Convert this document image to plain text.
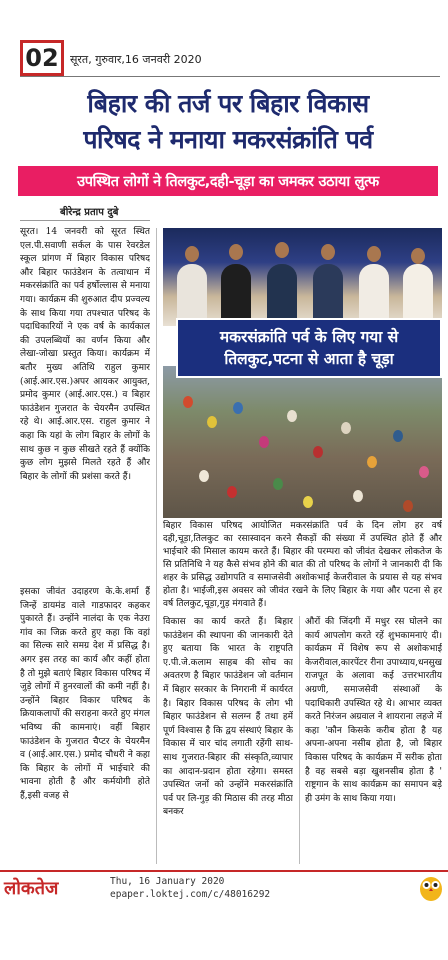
02	सूरत, गुरुवार,16 जनवरी 2020
बिहार की तर्ज पर बिहार विकास
परिषद ने मनाया मकरसंक्रांति पर्व
उपस्थित लोगों ने तिलकुट,दही-चूड़ा का जमकर उठाया लुत्फ
बीरेन्द्र प्रताप दुबे
सूरत। 14 जनवरी को सूरत स्थित एल.पी.सवाणी सर्कल के पास रेवरडेल स्कूल प्रांगण में बिहार विकास परिषद और बिहार फाउंडेशन के तत्वाधान में मकरसंक्रांति का पर्व हर्षोल्लास से मनाया गया। कार्यक्रम की शुरुआत दीप प्रज्वल्य के साथ किया गया तपश्चात परिषद के पदाधिकारियों ने एक वर्ष के कार्यकाल की उपलब्धियों का वर्णन किया और लेखा-जोखा प्रस्तुत किया। कार्यक्रम में बतौर मुख्य अतिथि राहुल कुमार (आई.आर.एस.)अपर आयकर आयुक्त, प्रमोद कुमार (आई.आर.एस.) व बिहार फाउंडेशन गुजरात के चेयरमैन उपस्थित रहे थे। आई.आर.एस. राहुल कुमार ने कहा कि यहां के लोग बिहार के लोगों के साथ कुछ न कुछ सीखते रहते हैं क्योंकि कुछ लोग मुझसे मिलते रहते हैं और बिहार के लोगों की प्रशंसा करते हैं।
मकरसंक्रांति पर्व के लिए गया से
तिलकुट,पटना से आता है चूड़ा
बिहार विकास परिषद आयोजित मकरसंक्रांति पर्व के दिन लोग हर वर्ष दही,चूड़ा,तिलकुट का रसास्वादन करने सैकड़ों की संख्या में उपस्थित होते हैं और भाईचारे की मिसाल कायम करते हैं। बिहार की परम्परा को जीवंत देखकर लोकतेज के सि प्रतिनिधि ने यह कैसे संभव होने की बात की तो परिषद के लोगों ने जानकारी दी कि शहर के प्रसिद्ध उद्योगपति व समाजसेवी अशोकभाई केजरीवाल के प्रयास से यह संभव होता है। भाईजी,इस अवसर को जीवंत रखने के लिए बिहार के गया और पटना से हर वर्ष तिलकुट,चूड़ा,गुड़ मंगवाते हैं।
इसका जीवंत उदाहरण के.के.शर्मा हैं जिन्हें डायमंड वाले गाडफादर कहकर पुकारते हैं। उन्होंने नालंदा के एक नेउरा गांव का जिक्र करते हुए कहा कि वहां का सिल्क सारे समग्र देश में प्रसिद्ध है। अगर इस तरह का कार्य और कहीं होता है तो मुझे बताएं बिहार विकास परिषद में जुड़े लोगों में हुनरवालों की कमी नहीं है। उन्होंने बिहार विकार परिषद के क्रियाकलापों की सराहना करते हुए मंगल भविष्य की कामनाएं। वहीं बिहार फाउंडेशन के गुजरात चैप्टर के चेयरमैन व (आई.आर.एस.) प्रमोद चौधरी ने कहा कि बिहार के लोगों में भाईचारे की भावना होती है और कर्मयोगी होते हैं,इसी वजह से
विकास का कार्य करते हैं। बिहार फाउंडेशन की स्थापना की जानकारी देते हुए बताया कि भारत के राष्ट्रपति ए.पी.जे.कलाम साहब की सोच का अवतरण है बिहार फाउंडेशन जो वर्तमान में बिहार सरकार के निगरानी में कार्यरत है। बिहार विकास परिषद के लोग भी बिहार फाउंडेशन से सलग्न हैं तथा हमें पूर्ण विश्वास है कि द्वय संस्थाएं बिहार के विकास में चार चांद लगाती रहेंगी साथ-साथ गुजरात-बिहार की संस्कृति,व्यापार का आदान-प्रदान होता रहेगा। समस्त उपस्थित जनों को उन्होंने मकरसंक्रांति पर्व पर लि-गुड़ की मिठास की तरह मीठा बनकर
औरों की जिंदगी में मधुर रस घोलने का कार्य आपलोग करते रहें शुभकामनाएं दी। कार्यक्रम में विशेष रूप से अशोकभाई केजरीवाल,कारपेंटर रीना उपाध्याय,धनसुख राजपूत के अलावा कई उत्तरभारतीय अग्रणी, समाजसेवी संस्थाओं के पदाधिकारी उपस्थित रहे थे। आभार व्यक्त करते निरंजन अग्रवाल ने शायराना लहजे में कहा 'कौन किसके करीब होता है यह अपना-अपना नसीब होता है, जो बिहार विकास परिषद के कार्यक्रम में सरीक होता है वह सबसे बड़ा खुशनसीब होता है ' राष्ट्रगान के साथ कार्यक्रम का समापन बड़े ही उमंग के साथ किया गया।
लोकतेज	Thu, 16 January 2020
epaper.loktej.com/c/48016292
